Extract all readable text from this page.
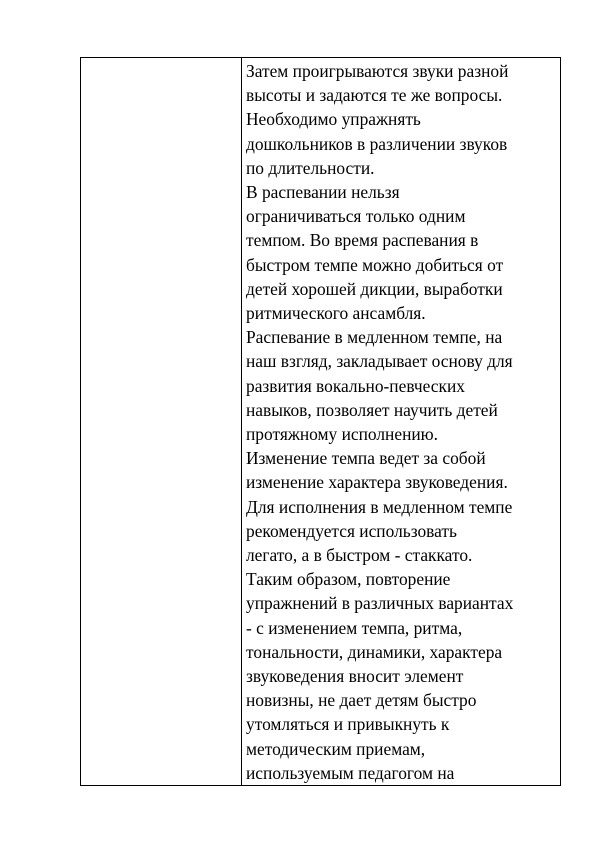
Затем проигрываются звуки разной
высоты и задаются те же вопросы.
Необходимо упражнять
дошкольников в различении звуков
по длительности.
В распевании нельзя
ограничиваться только одним
темпом. Во время распевания в
быстром темпе можно добиться от
детей хорошей дикции, выработки
ритмического ансамбля.
Распевание в медленном темпе, на
наш взгляд, закладывает основу для
развития вокально-певческих
навыков, позволяет научить детей
протяжному исполнению.
Изменение темпа ведет за собой
изменение характера звуковедения.
Для исполнения в медленном темпе
рекомендуется использовать
легато, а в быстром - стаккато.
Таким образом, повторение
упражнений в различных вариантах
- с изменением темпа, ритма,
тональности, динамики, характера
звуковедения вносит элемент
новизны, не дает детям быстро
утомляться и привыкнуть к
методическим приемам,
используемым педагогом на
